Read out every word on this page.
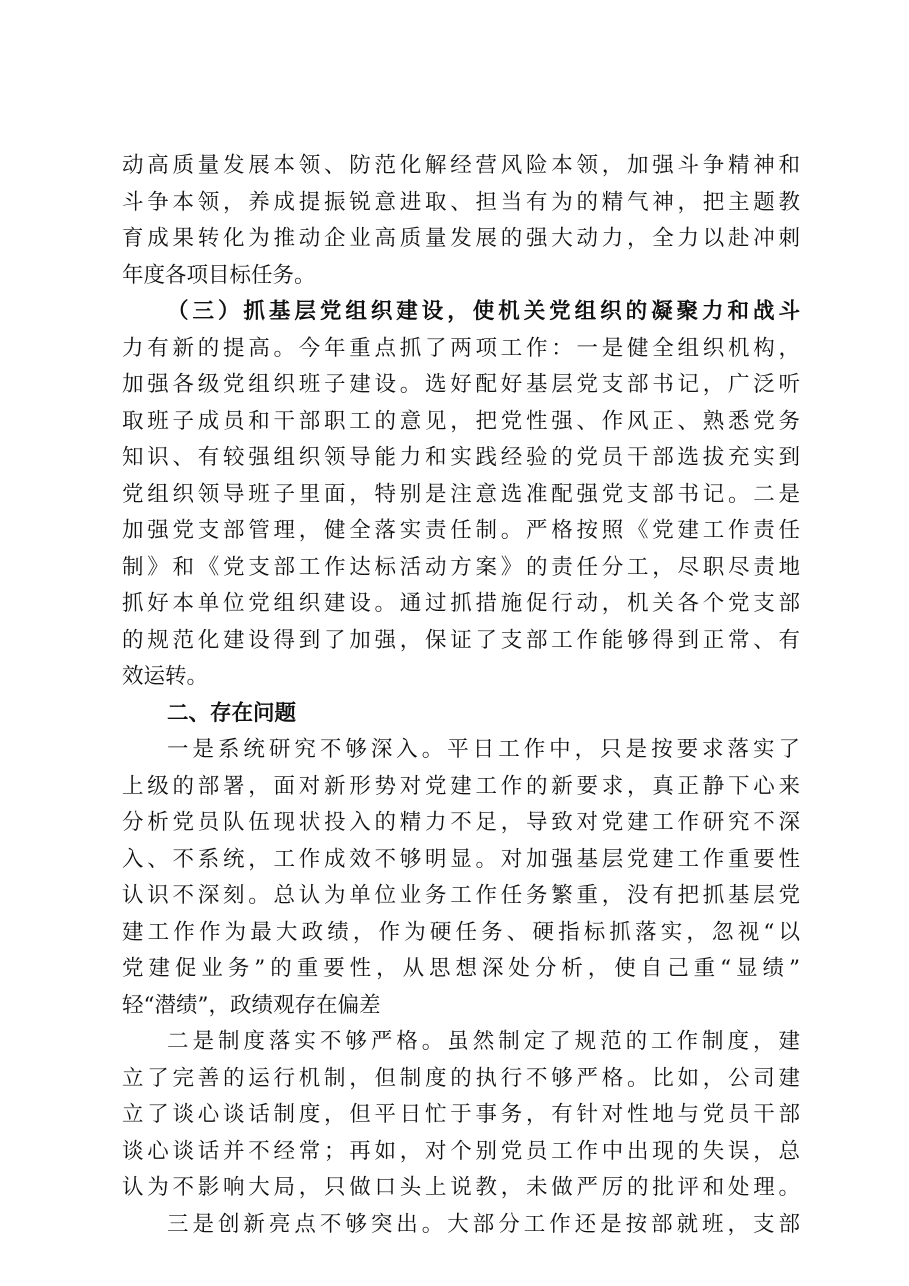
动高质量发展本领、防范化解经营风险本领，加强斗争精神和
斗争本领，养成提振锐意进取、担当有为的精气神，把主题教
育成果转化为推动企业高质量发展的强大动力，全力以赴冲刺
年度各项目标任务。
（三）抓基层党组织建设，使机关党组织的凝聚力和战斗
力有新的提高。今年重点抓了两项工作：一是健全组织机构，
加强各级党组织班子建设。选好配好基层党支部书记，广泛听
取班子成员和干部职工的意见，把党性强、作风正、熟悉党务
知识、有较强组织领导能力和实践经验的党员干部选拔充实到
党组织领导班子里面，特别是注意选准配强党支部书记。二是
加强党支部管理，健全落实责任制。严格按照《党建工作责任
制》和《党支部工作达标活动方案》的责任分工，尽职尽责地
抓好本单位党组织建设。通过抓措施促行动，机关各个党支部
的规范化建设得到了加强，保证了支部工作能够得到正常、有
效运转。
二、存在问题
一是系统研究不够深入。平日工作中，只是按要求落实了
上级的部署，面对新形势对党建工作的新要求，真正静下心来
分析党员队伍现状投入的精力不足，导致对党建工作研究不深
入、不系统，工作成效不够明显。对加强基层党建工作重要性
认识不深刻。总认为单位业务工作任务繁重，没有把抓基层党
建工作作为最大政绩，作为硬任务、硬指标抓落实，忽视“以
党建促业务”的重要性，从思想深处分析，使自己重“显绩”
轻“潜绩”，政绩观存在偏差
二是制度落实不够严格。虽然制定了规范的工作制度，建
立了完善的运行机制，但制度的执行不够严格。比如，公司建
立了谈心谈话制度，但平日忙于事务，有针对性地与党员干部
谈心谈话并不经常；再如，对个别党员工作中出现的失误，总
认为不影响大局，只做口头上说教，未做严厉的批评和处理。
三是创新亮点不够突出。大部分工作还是按部就班，支部
